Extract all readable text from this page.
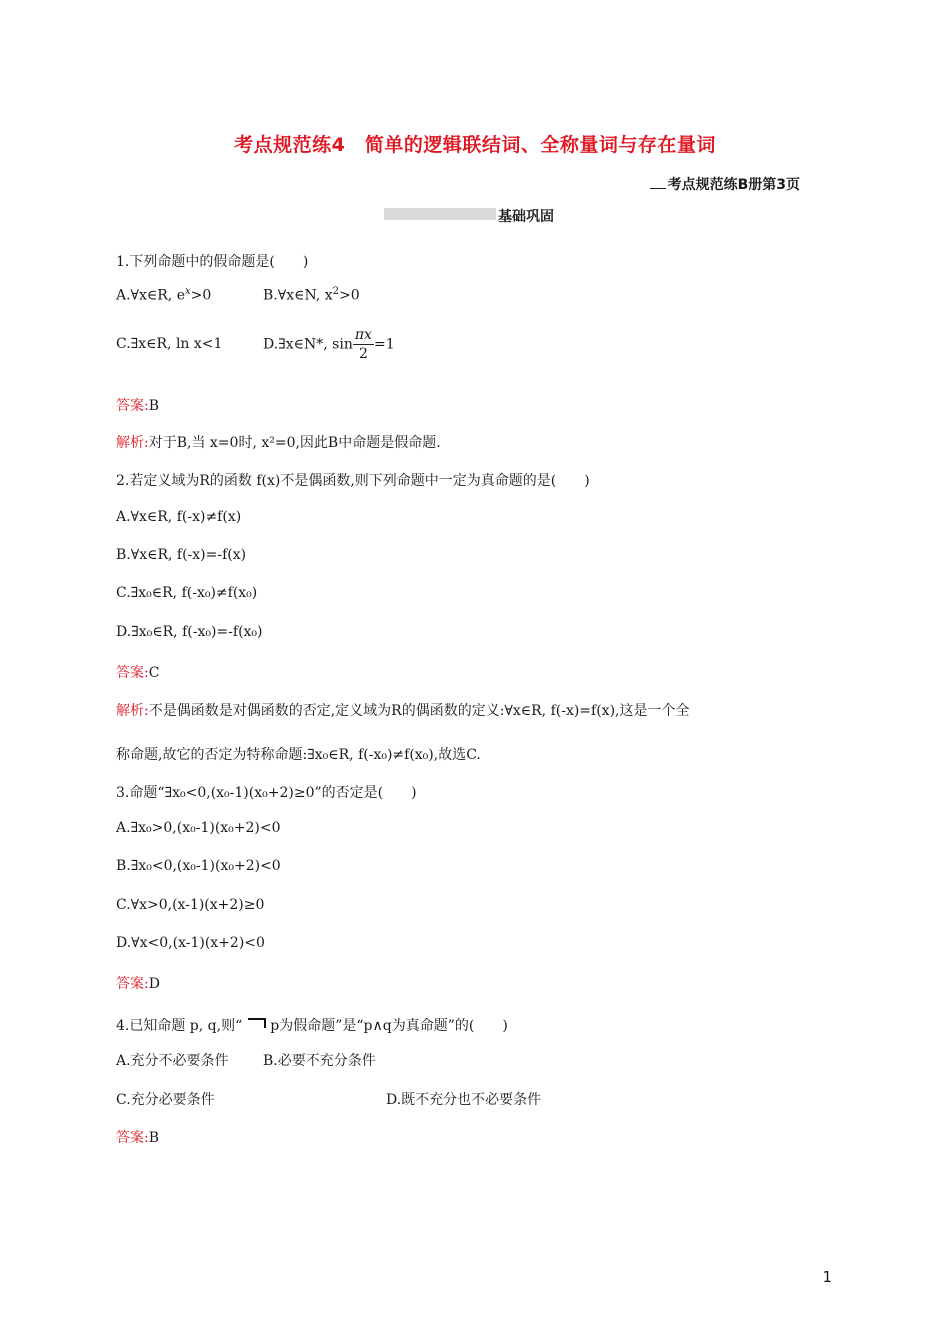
考点规范练4　简单的逻辑联结词、全称量词与存在量词
考点规范练B册第3页
基础巩固
1.下列命题中的假命题是(　　)
A.∀x∈R, $e^x>0$	B.∀x∈N, $x^2>0$
C.∃x∈R, ln x<1	D.∃x∈N*, $\sin \frac{\pi x}{2} =1$
答案:B
解析:对于B,当 x=0时, x²=0,因此B中命题是假命题.
2.若定义域为R的函数 f(x)不是偶函数,则下列命题中一定为真命题的是(　　)
A.∀x∈R, f(-x)≠f(x)
B.∀x∈R, f(-x)=-f(x)
C.∃x₀∈R, f(-x₀)≠f(x₀)
D.∃x₀∈R, f(-x₀)=-f(x₀)
答案:C
解析:不是偶函数是对偶函数的否定,定义域为R的偶函数的定义:∀x∈R, f(-x)=f(x),这是一个全
称命题,故它的否定为特称命题:∃x₀∈R, f(-x₀)≠f(x₀),故选C.
3.命题“∃x₀<0,(x₀-1)(x₀+2)≥0”的否定是(　　)
A.∃x₀>0,(x₀-1)(x₀+2)<0
B.∃x₀<0,(x₀-1)(x₀+2)<0
C.∀x>0,(x-1)(x+2)≥0
D.∀x<0,(x-1)(x+2)<0
答案:D
4.已知命题 p, q,则“ p为假命题”是“p∧q为真命题”的(　　)
A.充分不必要条件 B.必要不充分条件
C.充分必要条件	D.既不充分也不必要条件
答案:B
1
